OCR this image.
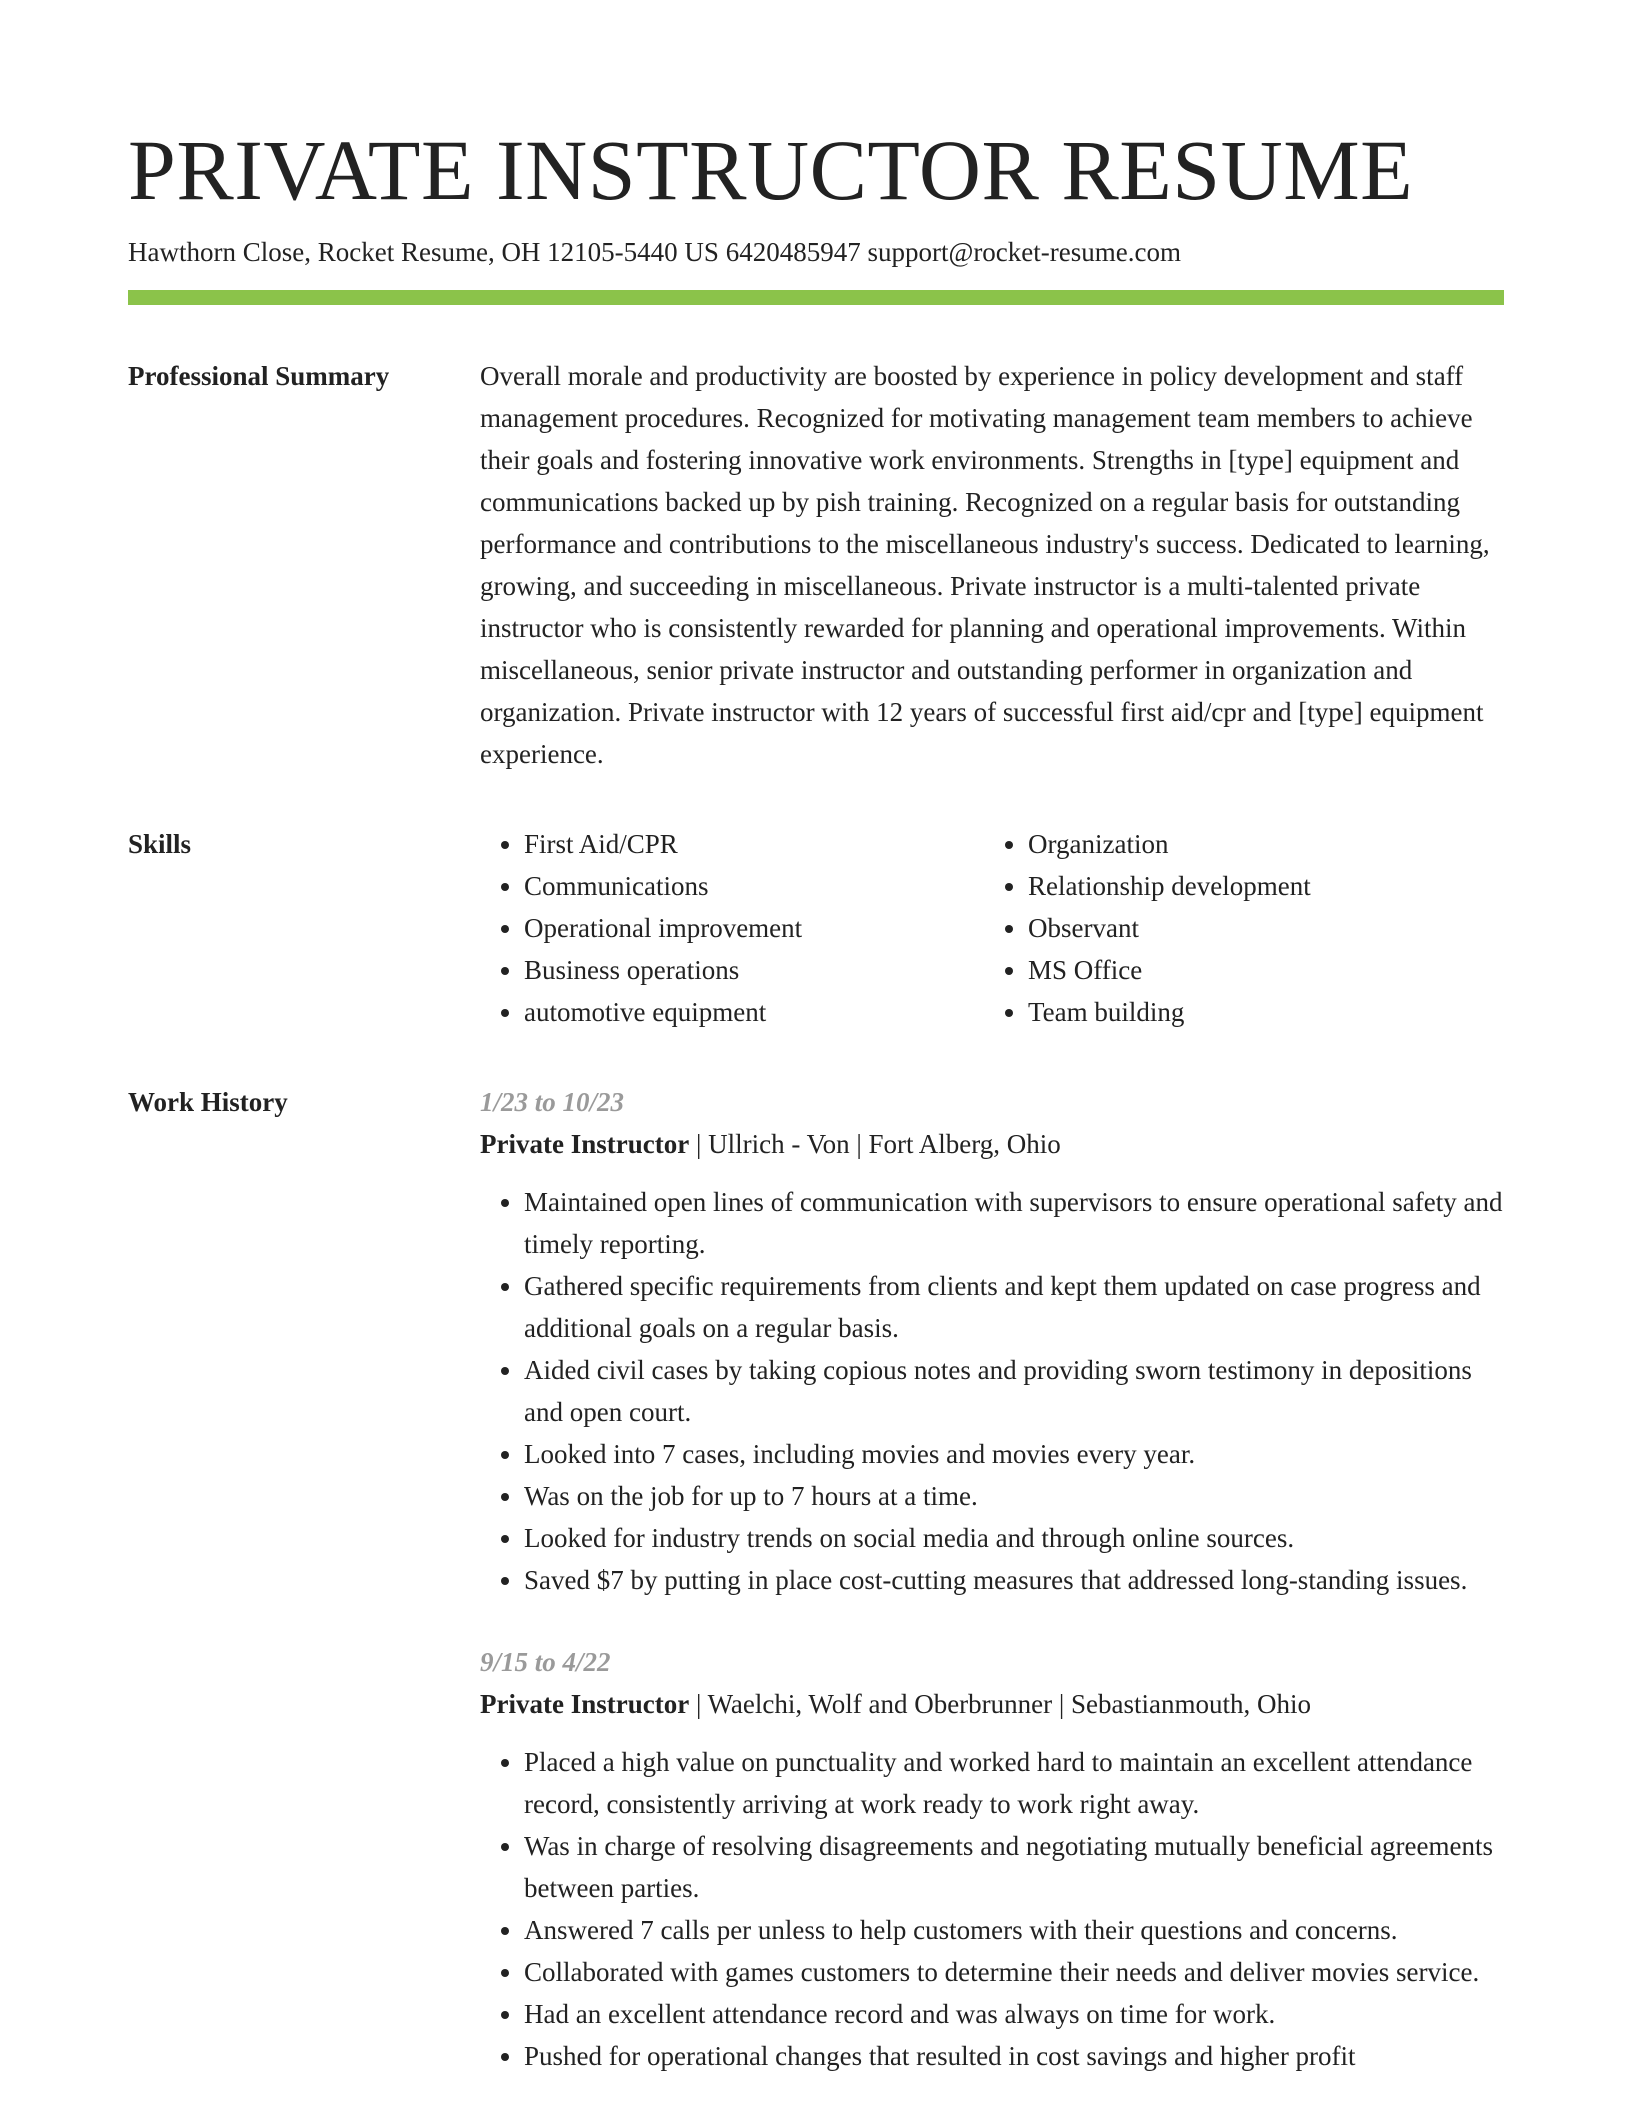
PRIVATE INSTRUCTOR RESUME
Hawthorn Close, Rocket Resume, OH 12105-5440 US 6420485947 support@rocket-resume.com
Professional Summary	Overall morale and productivity are boosted by experience in policy development and staff management procedures. Recognized for motivating management team members to achieve their goals and fostering innovative work environments. Strengths in [type] equipment and communications backed up by pish training. Recognized on a regular basis for outstanding performance and contributions to the miscellaneous industry's success. Dedicated to learning, growing, and succeeding in miscellaneous. Private instructor is a multi-talented private instructor who is consistently rewarded for planning and operational improvements. Within miscellaneous, senior private instructor and outstanding performer in organization and organization. Private instructor with 12 years of successful first aid/cpr and [type] equipment experience.

Skills
•	First Aid/CPR
• Communications
• Operational improvement
• Business operations
• automotive equipment
• Organization
• Relationship development
• Observant
• MS Office
• Team building
Work History	1/23 to 10/23
Private Instructor | Ullrich - Von | Fort Alberg, Ohio
• Maintained open lines of communication with supervisors to ensure operational safety and timely reporting.
• Gathered specific requirements from clients and kept them updated on case progress and additional goals on a regular basis.
• Aided civil cases by taking copious notes and providing sworn testimony in depositions and open court.
• Looked into 7 cases, including movies and movies every year.
• Was on the job for up to 7 hours at a time.
• Looked for industry trends on social media and through online sources.
• Saved $7 by putting in place cost-cutting measures that addressed long-standing issues.
9/15 to 4/22
Private Instructor | Waelchi, Wolf and Oberbrunner | Sebastianmouth, Ohio
• Placed a high value on punctuality and worked hard to maintain an excellent attendance record, consistently arriving at work ready to work right away.
• Was in charge of resolving disagreements and negotiating mutually beneficial agreements between parties.
• Answered 7 calls per unless to help customers with their questions and concerns.
• Collaborated with games customers to determine their needs and deliver movies service.
• Had an excellent attendance record and was always on time for work.
• Pushed for operational changes that resulted in cost savings and higher profit
